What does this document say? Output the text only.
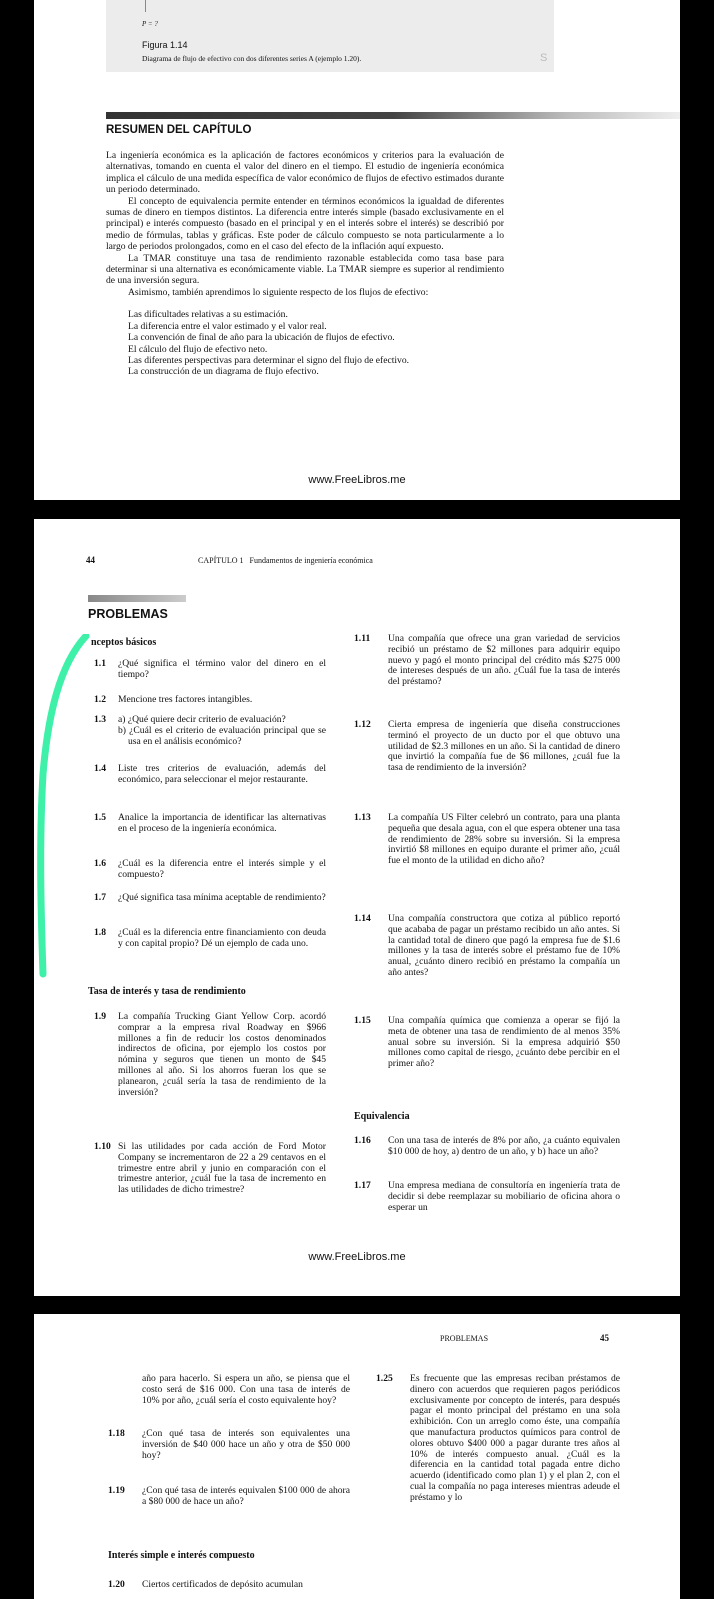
P = ?
Figura 1.14
Diagrama de flujo de efectivo con dos diferentes series A (ejemplo 1.20).	S
RESUMEN DEL CAPÍTULO
La ingeniería económica es la aplicación de factores económicos y criterios para la evaluación de alternativas, tomando en cuenta el valor del dinero en el tiempo. El estudio de ingeniería económica implica el cálculo de una medida específica de valor económico de flujos de efectivo estimados durante un periodo determinado.
El concepto de equivalencia permite entender en términos económicos la igualdad de diferentes sumas de dinero en tiempos distintos. La diferencia entre interés simple (basado exclusivamente en el principal) e interés compuesto (basado en el principal y en el interés sobre el interés) se describió por medio de fórmulas, tablas y gráficas. Este poder de cálculo compuesto se nota particularmente a lo largo de periodos prolongados, como en el caso del efecto de la inflación aquí expuesto.
La TMAR constituye una tasa de rendimiento razonable establecida como tasa base para determinar si una alternativa es económicamente viable. La TMAR siempre es superior al rendimiento de una inversión segura.
Asimismo, también aprendimos lo siguiente respecto de los flujos de efectivo:
Las dificultades relativas a su estimación.
La diferencia entre el valor estimado y el valor real.
La convención de final de año para la ubicación de flujos de efectivo.
El cálculo del flujo de efectivo neto.
Las diferentes perspectivas para determinar el signo del flujo de efectivo.
La construcción de un diagrama de flujo efectivo.
www.FreeLibros.me
44	CAPÍTULO 1   Fundamentos de ingeniería económica
PROBLEMAS
nceptos básicos
1.1 ¿Qué significa el término valor del dinero en el tiempo?
1.2 Mencione tres factores intangibles.
1.3 a) ¿Qué quiere decir criterio de evaluación?
b) ¿Cuál es el criterio de evaluación principal que se usa en el análisis económico?
1.4 Liste tres criterios de evaluación, además del económico, para seleccionar el mejor restaurante.
1.5 Analice la importancia de identificar las alternativas en el proceso de la ingeniería económica.
1.6 ¿Cuál es la diferencia entre el interés simple y el compuesto?
1.7 ¿Qué significa tasa mínima aceptable de rendimiento?
1.8 ¿Cuál es la diferencia entre financiamiento con deuda y con capital propio? Dé un ejemplo de cada uno.
Tasa de interés y tasa de rendimiento
1.9 La compañía Trucking Giant Yellow Corp. acordó comprar a la empresa rival Roadway en $966 millones a fin de reducir los costos denominados indirectos de oficina, por ejemplo los costos por nómina y seguros que tienen un monto de $45 millones al año. Si los ahorros fueran los que se planearon, ¿cuál sería la tasa de rendimiento de la inversión?
1.10 Si las utilidades por cada acción de Ford Motor Company se incrementaron de 22 a 29 centavos en el trimestre entre abril y junio en comparación con el trimestre anterior, ¿cuál fue la tasa de incremento en las utilidades de dicho trimestre?
1.11 Una compañía que ofrece una gran variedad de servicios recibió un préstamo de $2 millones para adquirir equipo nuevo y pagó el monto principal del crédito más $275 000 de intereses después de un año. ¿Cuál fue la tasa de interés del préstamo?
1.12 Cierta empresa de ingeniería que diseña construcciones terminó el proyecto de un ducto por el que obtuvo una utilidad de $2.3 millones en un año. Si la cantidad de dinero que invirtió la compañía fue de $6 millones, ¿cuál fue la tasa de rendimiento de la inversión?
1.13 La compañía US Filter celebró un contrato, para una planta pequeña que desala agua, con el que espera obtener una tasa de rendimiento de 28% sobre su inversión. Si la empresa invirtió $8 millones en equipo durante el primer año, ¿cuál fue el monto de la utilidad en dicho año?
1.14 Una compañía constructora que cotiza al público reportó que acababa de pagar un préstamo recibido un año antes. Si la cantidad total de dinero que pagó la empresa fue de $1.6 millones y la tasa de interés sobre el préstamo fue de 10% anual, ¿cuánto dinero recibió en préstamo la compañía un año antes?
1.15 Una compañía química que comienza a operar se fijó la meta de obtener una tasa de rendimiento de al menos 35% anual sobre su inversión. Si la empresa adquirió $50 millones como capital de riesgo, ¿cuánto debe percibir en el primer año?
Equivalencia
1.16 Con una tasa de interés de 8% por año, ¿a cuánto equivalen $10 000 de hoy, a) dentro de un año, y b) hace un año?
1.17 Una empresa mediana de consultoría en ingeniería trata de decidir si debe reemplazar su mobiliario de oficina ahora o esperar un
www.FreeLibros.me
PROBLEMAS	45
año para hacerlo. Si espera un año, se piensa que el costo será de $16 000. Con una tasa de interés de 10% por año, ¿cuál sería el costo equivalente hoy?
1.18 ¿Con qué tasa de interés son equivalentes una inversión de $40 000 hace un año y otra de $50 000 hoy?
1.19 ¿Con qué tasa de interés equivalen $100 000 de ahora a $80 000 de hace un año?
Interés simple e interés compuesto
1.20 Ciertos certificados de depósito acumulan
1.25 Es frecuente que las empresas reciban préstamos de dinero con acuerdos que requieren pagos periódicos exclusivamente por concepto de interés, para después pagar el monto principal del préstamo en una sola exhibición. Con un arreglo como éste, una compañía que manufactura productos químicos para control de olores obtuvo $400 000 a pagar durante tres años al 10% de interés compuesto anual. ¿Cuál es la diferencia en la cantidad total pagada entre dicho acuerdo (identificado como plan 1) y el plan 2, con el cual la compañía no paga intereses mientras adeude el préstamo y lo
